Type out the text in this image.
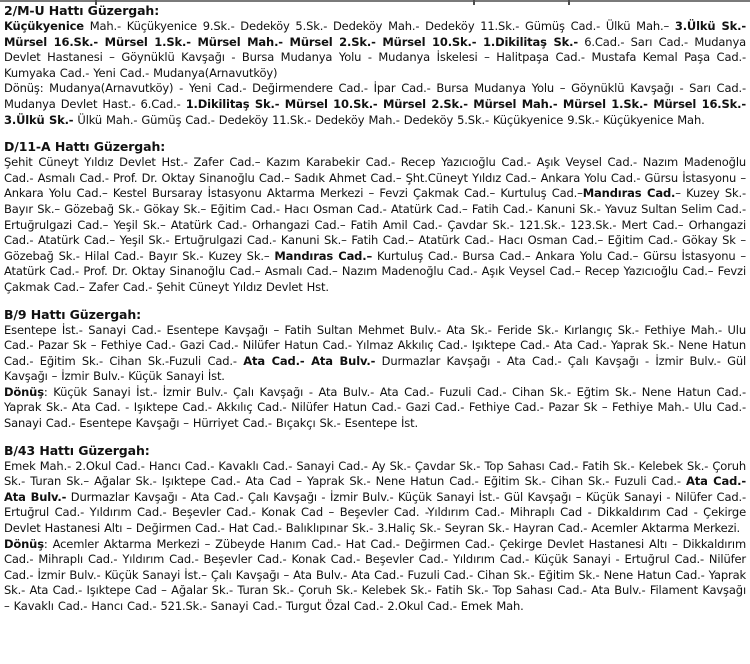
2/M-U Hattı Güzergah:

Küçükyenice Mah.- Küçükyenice 9.Sk.- Dedeköy 5.Sk.- Dedeköy Mah.- Dedeköy 11.Sk.- Gümüş Cad.- Ülkü Mah.– 3.Ülkü Sk.- Mürsel 16.Sk.- Mürsel 1.Sk.- Mürsel Mah.- Mürsel 2.Sk.- Mürsel 10.Sk.- 1.Dikilitaş Sk.- 6.Cad.- Sarı Cad.- Mudanya Devlet Hastanesi – Göynüklü Kavşağı - Bursa Mudanya Yolu - Mudanya İskelesi – Halitpaşa Cad.- Mustafa Kemal Paşa Cad.- Kumyaka Cad.- Yeni Cad.- Mudanya(Arnavutköy)

Dönüş: Mudanya(Arnavutköy) - Yeni Cad.- Değirmendere Cad.- İpar Cad.- Bursa Mudanya Yolu – Göynüklü Kavşağı - Sarı Cad.- Mudanya Devlet Hast.- 6.Cad.- 1.Dikilitaş Sk.- Mürsel 10.Sk.- Mürsel 2.Sk.- Mürsel Mah.- Mürsel 1.Sk.- Mürsel 16.Sk.- 3.Ülkü Sk.- Ülkü Mah.- Gümüş Cad.- Dedeköy 11.Sk.- Dedeköy Mah.- Dedeköy 5.Sk.- Küçükyenice 9.Sk.- Küçükyenice Mah.

D/11-A Hattı Güzergah:

Şehit Cüneyt Yıldız Devlet Hst.- Zafer Cad.– Kazım Karabekir Cad.- Recep Yazıcıoğlu Cad.- Aşık Veysel Cad.- Nazım Madenoğlu Cad.- Asmalı Cad.- Prof. Dr. Oktay Sinanoğlu Cad.– Sadık Ahmet Cad.– Şht.Cüneyt Yıldız Cad.– Ankara Yolu Cad.- Gürsu İstasyonu – Ankara Yolu Cad.– Kestel Bursaray İstasyonu Aktarma Merkezi – Fevzi Çakmak Cad.– Kurtuluş Cad.–Mandıras Cad.– Kuzey Sk.- Bayır Sk.– Gözebağ Sk.- Gökay Sk.– Eğitim Cad.- Hacı Osman Cad.- Atatürk Cad.– Fatih Cad.- Kanuni Sk.- Yavuz Sultan Selim Cad.- Ertuğrulgazi Cad.– Yeşil Sk.– Atatürk Cad.- Orhangazi Cad.– Fatih Amil Cad.- Çavdar Sk.- 121.Sk.- 123.Sk.- Mert Cad.– Orhangazi Cad.- Atatürk Cad.– Yeşil Sk.- Ertuğrulgazi Cad.- Kanuni Sk.– Fatih Cad.– Atatürk Cad.- Hacı Osman Cad.– Eğitim Cad.- Gökay Sk – Gözebağ Sk.- Hilal Cad.- Bayır Sk.- Kuzey Sk.– Mandıras Cad.– Kurtuluş Cad.- Bursa Cad.– Ankara Yolu Cad.– Gürsu İstasyonu – Atatürk Cad.- Prof. Dr. Oktay Sinanoğlu Cad.– Asmalı Cad.– Nazım Madenoğlu Cad.- Aşık Veysel Cad.– Recep Yazıcıoğlu Cad.– Fevzi Çakmak Cad.– Zafer Cad.- Şehit Cüneyt Yıldız Devlet Hst.

B/9 Hattı Güzergah:

Esentepe İst.- Sanayi Cad.- Esentepe Kavşağı – Fatih Sultan Mehmet Bulv.- Ata Sk.- Feride Sk.- Kırlangıç Sk.- Fethiye Mah.- Ulu Cad.- Pazar Sk – Fethiye Cad.- Gazi Cad.- Nilüfer Hatun Cad.- Yılmaz Akkılıç Cad.- Işıktepe Cad.- Ata Cad.- Yaprak Sk.- Nene Hatun Cad.- Eğitim Sk.- Cihan Sk.-Fuzuli Cad.- Ata Cad.- Ata Bulv.- Durmazlar Kavşağı - Ata Cad.- Çalı Kavşağı - İzmir Bulv.- Gül Kavşağı – İzmir Bulv.- Küçük Sanayi İst.

Dönüş: Küçük Sanayi İst.- İzmir Bulv.- Çalı Kavşağı - Ata Bulv.- Ata Cad.- Fuzuli Cad.- Cihan Sk.- Eğtim Sk.- Nene Hatun Cad.- Yaprak Sk.- Ata Cad. - Işıktepe Cad.- Akkılıç Cad.- Nilüfer Hatun Cad.- Gazi Cad.- Fethiye Cad.- Pazar Sk – Fethiye Mah.- Ulu Cad.- Sanayi Cad.- Esentepe Kavşağı – Hürriyet Cad.- Bıçakçı Sk.- Esentepe İst.

B/43 Hattı Güzergah:

Emek Mah.- 2.Okul Cad.- Hancı Cad.- Kavaklı Cad.- Sanayi Cad.- Ay Sk.- Çavdar Sk.- Top Sahası Cad.- Fatih Sk.- Kelebek Sk.- Çoruh Sk.- Turan Sk.– Ağalar Sk.- Işıktepe Cad.- Ata Cad – Yaprak Sk.- Nene Hatun Cad.- Eğitim Sk.- Cihan Sk.- Fuzuli Cad.- Ata Cad.- Ata Bulv.- Durmazlar Kavşağı - Ata Cad.- Çalı Kavşağı - İzmir Bulv.- Küçük Sanayi İst.- Gül Kavşağı – Küçük Sanayi - Nilüfer Cad.- Ertuğrul Cad.- Yıldırım Cad.- Beşevler Cad.- Konak Cad – Beşevler Cad. -Yıldırım Cad.- Mihraplı Cad - Dikkaldırım Cad - Çekirge Devlet Hastanesi Altı – Değirmen Cad.- Hat Cad.- Balıklıpınar Sk.- 3.Haliç Sk.- Seyran Sk.- Hayran Cad.- Acemler Aktarma Merkezi.

Dönüş: Acemler Aktarma Merkezi – Zübeyde Hanım Cad.- Hat Cad.- Değirmen Cad.- Çekirge Devlet Hastanesi Altı – Dikkaldırım Cad.- Mihraplı Cad.- Yıldırım Cad.- Beşevler Cad.- Konak Cad.- Beşevler Cad.- Yıldırım Cad.- Küçük Sanayi - Ertuğrul Cad.- Nilüfer Cad.- İzmir Bulv.- Küçük Sanayi İst.– Çalı Kavşağı – Ata Bulv.- Ata Cad.- Fuzuli Cad.- Cihan Sk.- Eğitim Sk.- Nene Hatun Cad.- Yaprak Sk.- Ata Cad.- Işıktepe Cad – Ağalar Sk.- Turan Sk.- Çoruh Sk.- Kelebek Sk.- Fatih Sk.- Top Sahası Cad.- Ata Bulv.- Filament Kavşağı – Kavaklı Cad.- Hancı Cad.- 521.Sk.- Sanayi Cad.- Turgut Özal Cad.- 2.Okul Cad.- Emek Mah.
